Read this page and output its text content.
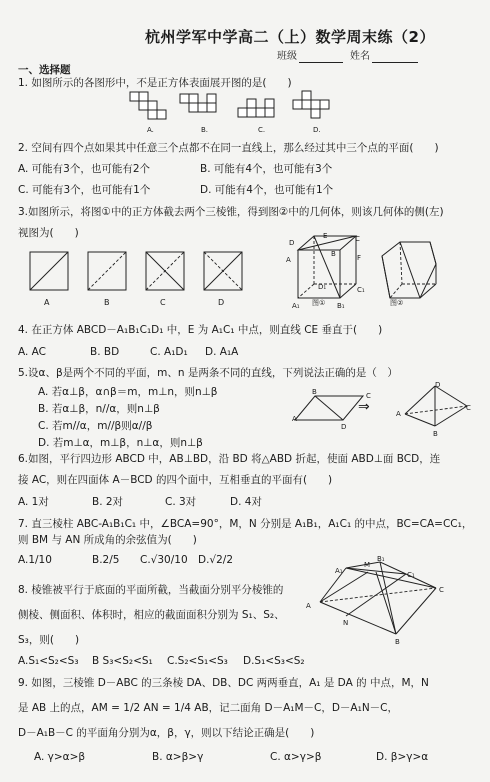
杭州学军中学高二（上）数学周末练（2）
班级	姓名
一、选择题
1. 如图所示的各图形中，不是正方体表面展开图的是(　　)
A.	B.	C.	D.
2. 空间有四个点如果其中任意三个点都不在同一直线上，那么经过其中三个点的平面(　　)
A. 可能有3个，也可能有2个	B. 可能有4个，也可能有3个
C. 可能有3个，也可能有1个	D. 可能有4个，也可能有1个
3.如图所示，将图①中的正方体截去两个三棱锥，得到图②中的几何体，则该几何体的侧(左)
视图为(　　)
A	B	C	D
D
A
C
E
B	F
D₁
A₁
C₁
B₁
图①	图②
4. 在正方体 ABCD－A₁B₁C₁D₁ 中，E 为 A₁C₁ 中点，则直线 CE 垂直于(　　)
A. AC	B. BD	C. A₁D₁ D. A₁A
5.设α、β是两个不同的平面，m、n 是两条不同的直线，下列说法正确的是（　）
A. 若α⊥β，α∩β＝m，m⊥n，则n⊥β
B. 若α⊥β，n//α，则n⊥β
C. 若m//α，m//β则α//β
D. 若m⊥α，m⊥β，n⊥α，则n⊥β
A
B
D
C
A
C
D
B
⇒
6.如图，平行四边形 ABCD 中，AB⊥BD，沿 BD 将△ABD 折起，使面 ABD⊥面 BCD，连
接 AC，则在四面体 A－BCD 的四个面中，互相垂直的平面有(　　)
A. 1对	B. 2对	C. 3对	D. 4对
7. 直三棱柱 ABC-A₁B₁C₁ 中，∠BCA=90°，M，N 分别是 A₁B₁，A₁C₁ 的中点，BC=CA=CC₁，
则 BM 与 AN 所成角的余弦值为(　　)
A.1/10	B.2/5 C.√30/10 D.√2/2
8. 棱锥被平行于底面的平面所截，当截面分别平分棱锥的
侧棱、侧面积、体积时，相应的截面面积分别为 S₁、S₂、
S₃，则(　　)
A.S₁<S₂<S₃ B S₃<S₂<S₁ C.S₂<S₁<S₃ D.S₁<S₃<S₂
A₁
M
C₁
B₁
A
N
C
B
9. 如图，三棱锥 D－ABC 的三条棱 DA、DB、DC 两两垂直，A₁ 是 DA 的 中点，M，N
是 AB 上的点，AM = 1/2 AN = 1/4 AB，记二面角 D－A₁M－C，D－A₁N－C，
D－A₁B－C 的平面角分别为α，β，γ，则以下结论正确是(　　)
A. γ>α>β	B. α>β>γ	C. α>γ>β	D. β>γ>α
